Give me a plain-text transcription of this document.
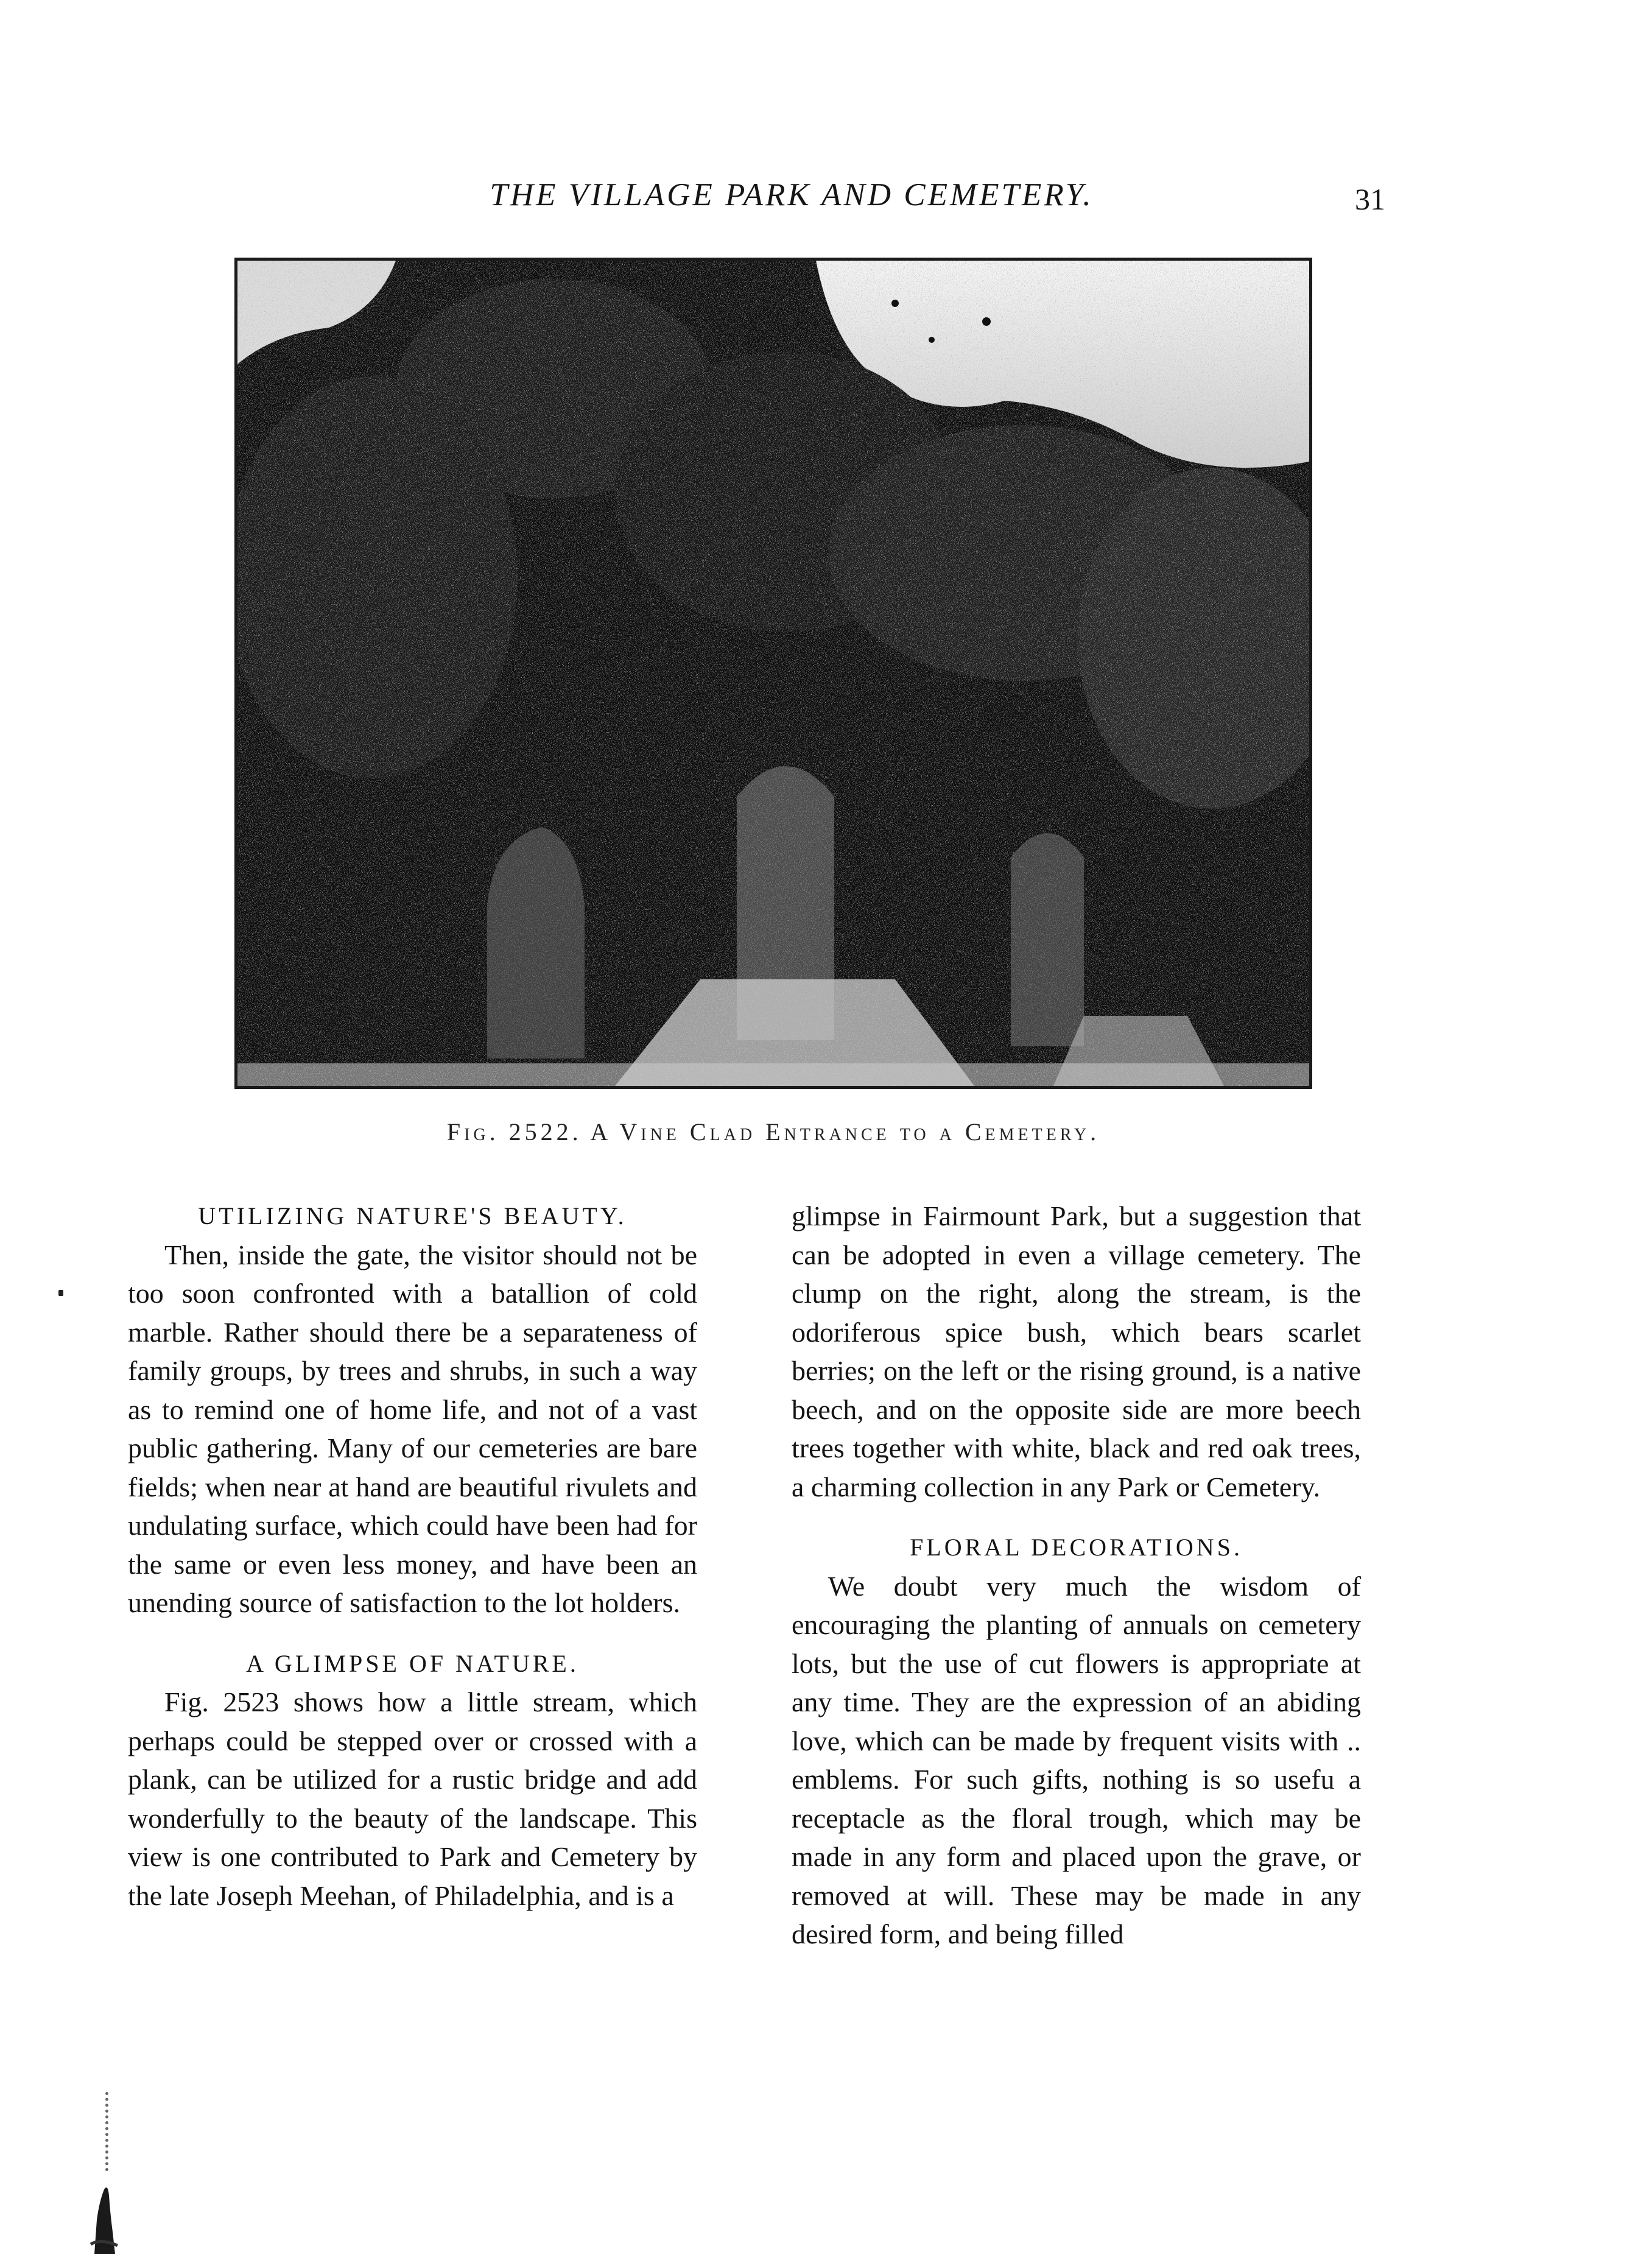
THE VILLAGE PARK AND CEMETERY.	31
Fig. 2522. A Vine Clad Entrance to a Cemetery.
UTILIZING NATURE'S BEAUTY.

Then, inside the gate, the visitor should not be too soon confronted with a batallion of cold marble. Rather should there be a separateness of family groups, by trees and shrubs, in such a way as to remind one of home life, and not of a vast public gathering. Many of our cemeteries are bare fields; when near at hand are beautiful rivulets and undulating surface, which could have been had for the same or even less money, and have been an unending source of satisfaction to the lot holders.

A GLIMPSE OF NATURE.

Fig. 2523 shows how a little stream, which perhaps could be stepped over or crossed with a plank, can be utilized for a rustic bridge and add wonderfully to the beauty of the landscape. This view is one contributed to Park and Cemetery by the late Joseph Meehan, of Philadelphia, and is a

glimpse in Fairmount Park, but a suggestion that can be adopted in even a village cemetery. The clump on the right, along the stream, is the odoriferous spice bush, which bears scarlet berries; on the left or the rising ground, is a native beech, and on the opposite side are more beech trees together with white, black and red oak trees, a charming collection in any Park or Cemetery.

FLORAL DECORATIONS.

We doubt very much the wisdom of encouraging the planting of annuals on cemetery lots, but the use of cut flowers is appropriate at any time. They are the expression of an abiding love, which can be made by frequent visits with .. emblems. For such gifts, nothing is so usefu a receptacle as the floral trough, which may be made in any form and placed upon the grave, or removed at will. These may be made in any desired form, and being filled
